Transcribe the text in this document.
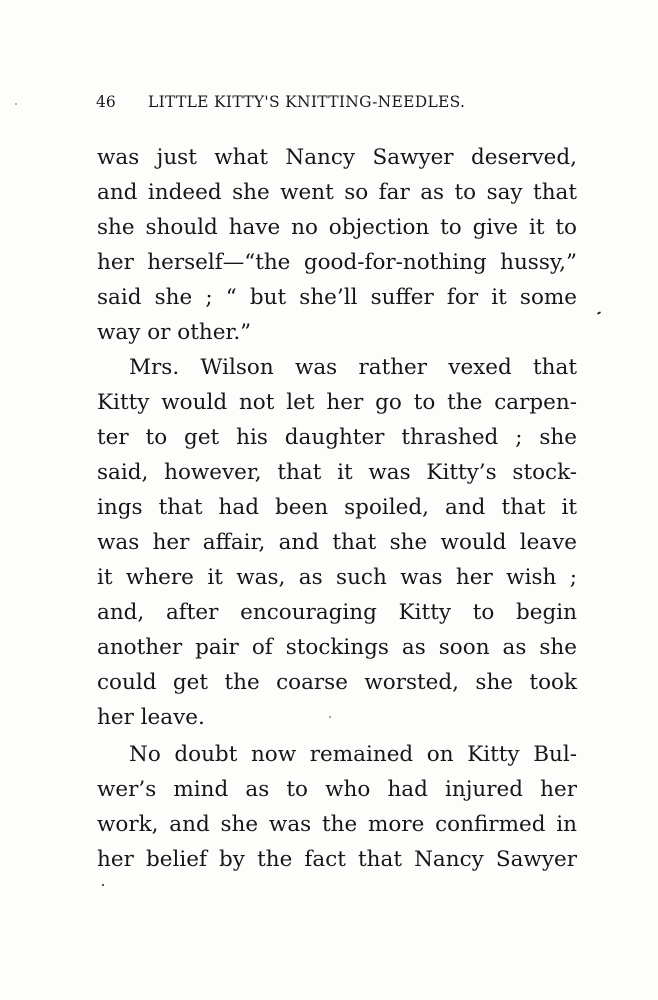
46 LITTLE KITTY'S KNITTING-NEEDLES.
was just what Nancy Sawyer deserved,
and indeed she went so far as to say that
she should have no objection to give it to
her herself—“the good-for-nothing hussy,”
said she ; “ but she’ll suffer for it some
way or other.”
Mrs. Wilson was rather vexed that
Kitty would not let her go to the carpen-
ter to get his daughter thrashed ; she
said, however, that it was Kitty’s stock-
ings that had been spoiled, and that it
was her affair, and that she would leave
it where it was, as such was her wish ;
and, after encouraging Kitty to begin
another pair of stockings as soon as she
could get the coarse worsted, she took
her leave.
No doubt now remained on Kitty Bul-
wer’s mind as to who had injured her
work, and she was the more confirmed in
her belief by the fact that Nancy Sawyer
